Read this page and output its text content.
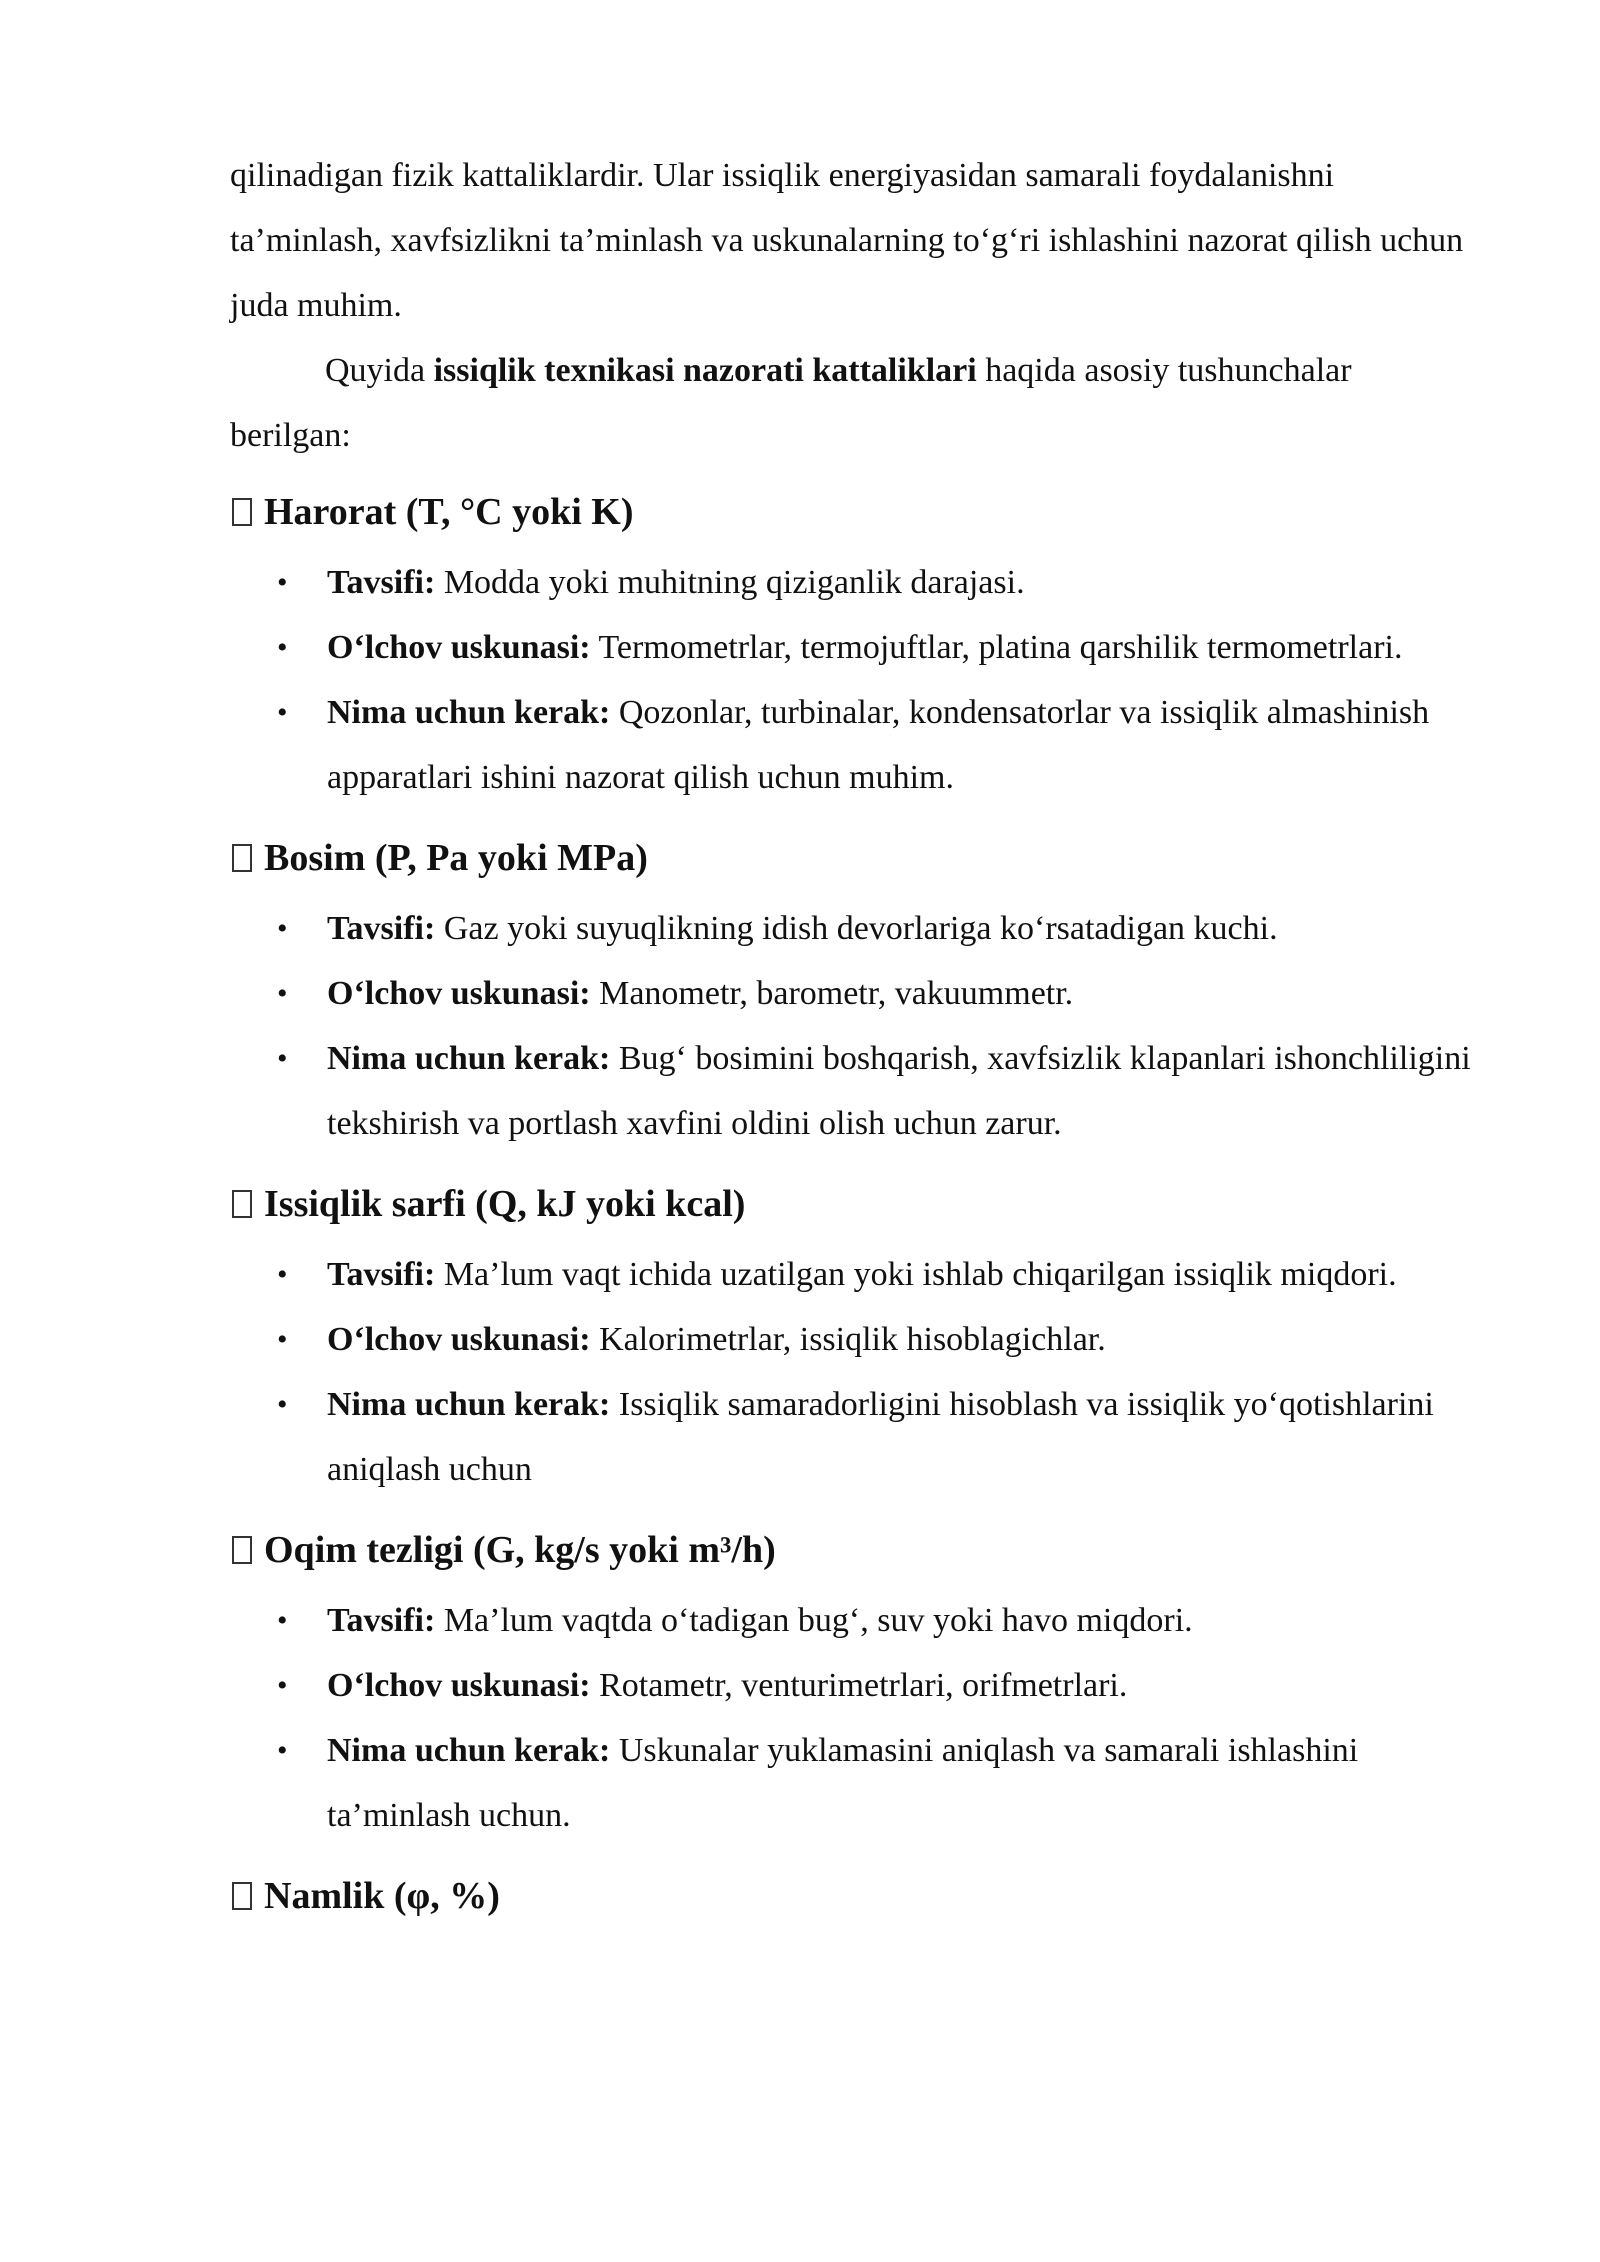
qilinadigan fizik kattaliklardir. Ular issiqlik energiyasidan samarali foydalanishni ta’minlash, xavfsizlikni ta’minlash va uskunalarning to‘g‘ri ishlashini nazorat qilish uchun juda muhim.

Quyida issiqlik texnikasi nazorati kattaliklari haqida asosiy tushunchalar berilgan:

Harorat (T, °C yoki K)
• Tavsifi: Modda yoki muhitning qiziganlik darajasi.
• O‘lchov uskunasi: Termometrlar, termojuftlar, platina qarshilik termometrlari.
• Nima uchun kerak: Qozonlar, turbinalar, kondensatorlar va issiqlik almashinish apparatlari ishini nazorat qilish uchun muhim.
Bosim (P, Pa yoki MPa)
• Tavsifi: Gaz yoki suyuqlikning idish devorlariga ko‘rsatadigan kuchi.
• O‘lchov uskunasi: Manometr, barometr, vakuummetr.
• Nima uchun kerak: Bug‘ bosimini boshqarish, xavfsizlik klapanlari ishonchliligini tekshirish va portlash xavfini oldini olish uchun zarur.
Issiqlik sarfi (Q, kJ yoki kcal)
• Tavsifi: Ma’lum vaqt ichida uzatilgan yoki ishlab chiqarilgan issiqlik miqdori.
• O‘lchov uskunasi: Kalorimetrlar, issiqlik hisoblagichlar.
• Nima uchun kerak: Issiqlik samaradorligini hisoblash va issiqlik yo‘qotishlarini aniqlash uchun
Oqim tezligi (G, kg/s yoki m³/h)
• Tavsifi: Ma’lum vaqtda o‘tadigan bug‘, suv yoki havo miqdori.
• O‘lchov uskunasi: Rotametr, venturimetrlari, orifmetrlari.
• Nima uchun kerak: Uskunalar yuklamasini aniqlash va samarali ishlashini ta’minlash uchun.
Namlik (φ, %)
